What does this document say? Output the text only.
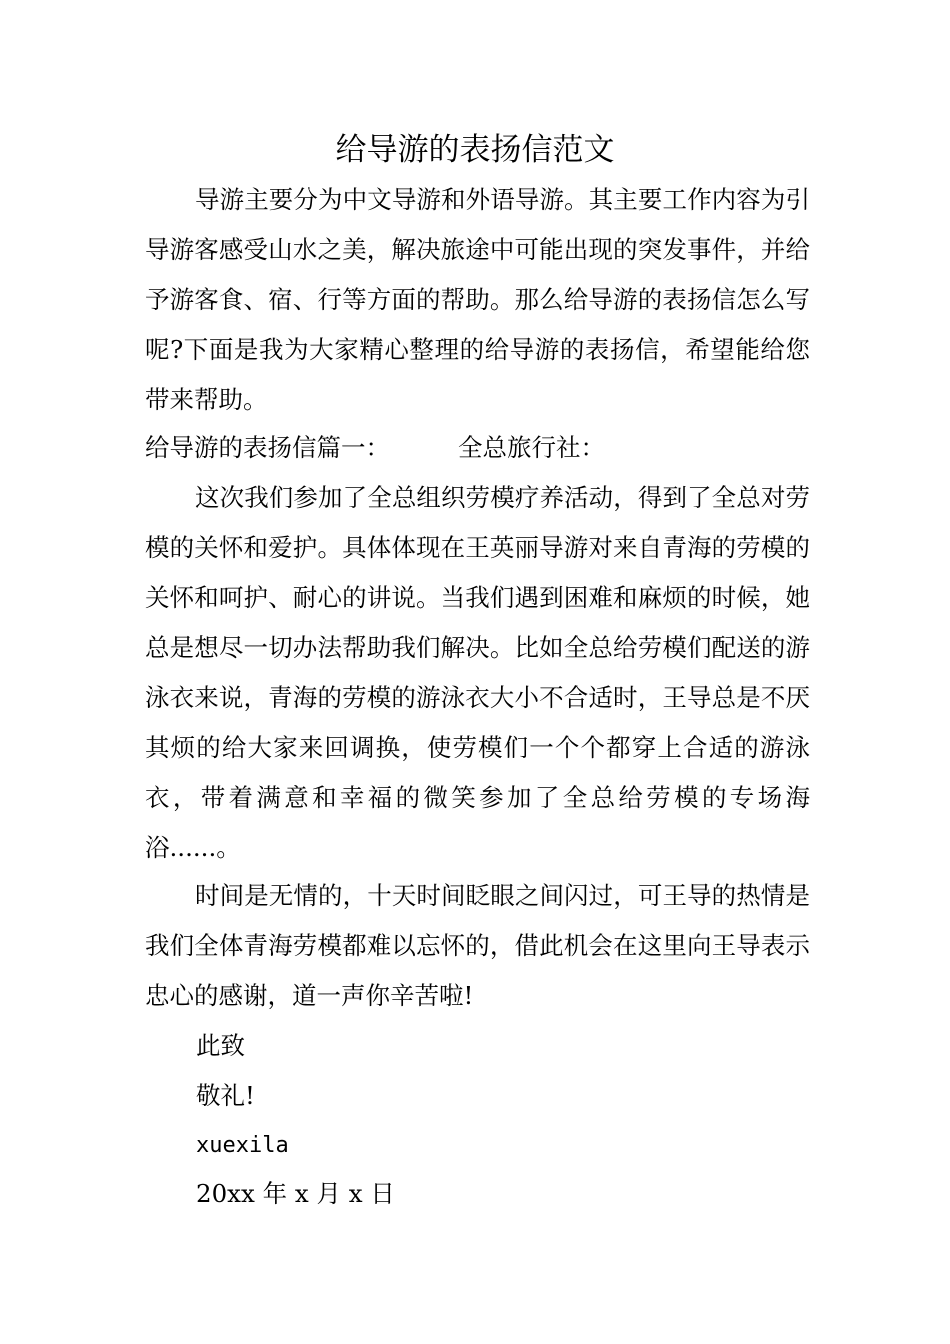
给导游的表扬信范文

导游主要分为中文导游和外语导游。其主要工作内容为引导游客感受山水之美，解决旅途中可能出现的突发事件，并给予游客食、宿、行等方面的帮助。那么给导游的表扬信怎么写呢?下面是我为大家精心整理的给导游的表扬信，希望能给您带来帮助。

给导游的表扬信篇一：	全总旅行社：

这次我们参加了全总组织劳模疗养活动，得到了全总对劳模的关怀和爱护。具体体现在王英丽导游对来自青海的劳模的关怀和呵护、耐心的讲说。当我们遇到困难和麻烦的时候，她总是想尽一切办法帮助我们解决。比如全总给劳模们配送的游泳衣来说，青海的劳模的游泳衣大小不合适时，王导总是不厌其烦的给大家来回调换，使劳模们一个个都穿上合适的游泳衣，带着满意和幸福的微笑参加了全总给劳模的专场海浴......。

时间是无情的，十天时间眨眼之间闪过，可王导的热情是我们全体青海劳模都难以忘怀的，借此机会在这里向王导表示忠心的感谢，道一声你辛苦啦!

此致
敬礼!
xuexila
20xx 年 x 月 x 日
